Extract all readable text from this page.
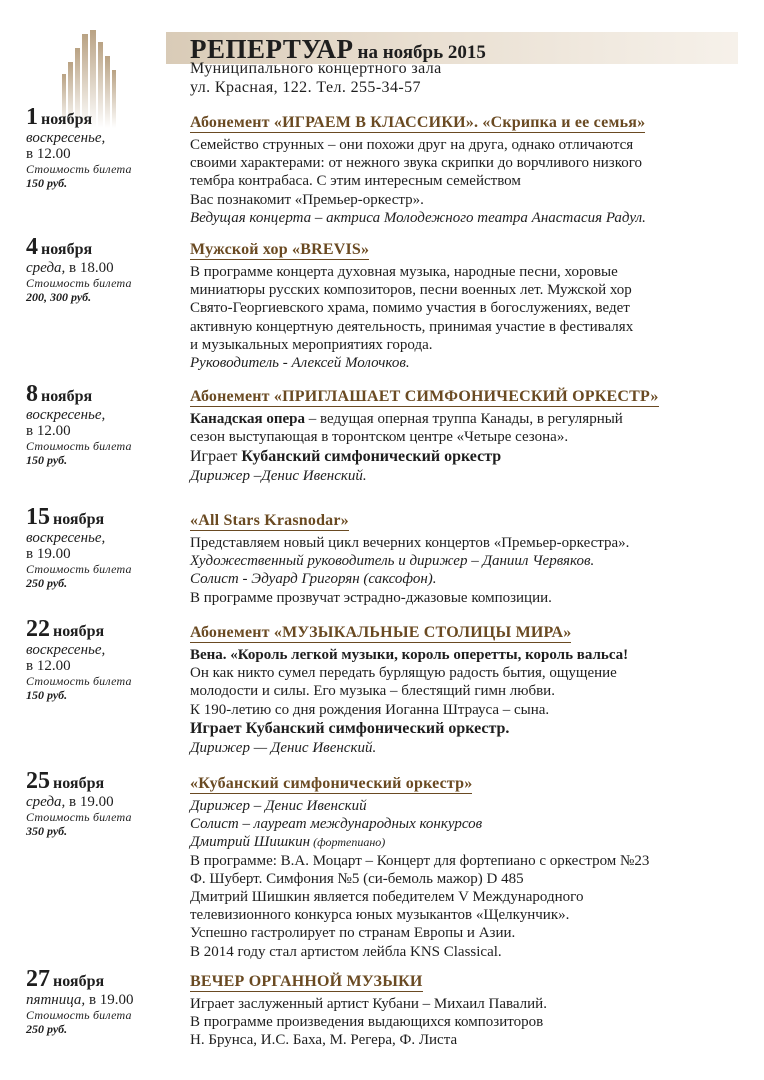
РЕПЕРТУАР на ноябрь 2015
Муниципального концертного зала
ул. Красная, 122. Тел. 255-34-57
1 ноября
воскресенье,
в 12.00
Стоимость билета
150 руб.
Абонемент «ИГРАЕМ В КЛАССИКИ». «Скрипка и ее семья»
Семейство струнных – они похожи друг на друга, однако отличаются
своими характерами: от нежного звука скрипки до ворчливого низкого
тембра контрабаса. С этим интересным семейством
Вас познакомит «Премьер-оркестр».
Ведущая концерта – актриса Молодежного театра Анастасия Радул.
4 ноября
среда, в 18.00
Стоимость билета
200, 300 руб.
Мужской хор «BREVIS»
В программе концерта духовная музыка, народные песни, хоровые
миниатюры русских композиторов, песни военных лет. Мужской хор
Свято-Георгиевского храма, помимо участия в богослужениях, ведет
активную концертную деятельность, принимая участие в фестивалях
и музыкальных мероприятиях города.
Руководитель - Алексей Молочков.
8 ноября
воскресенье,
в 12.00
Стоимость билета
150 руб.
Абонемент «ПРИГЛАШАЕТ СИМФОНИЧЕСКИЙ ОРКЕСТР»
Канадская опера – ведущая оперная труппа Канады, в регулярный
сезон выступающая в торонтском центре «Четыре сезона».
Играет Кубанский симфонический оркестр
Дирижер –Денис Ивенский.
15 ноября
воскресенье,
в 19.00
Стоимость билета
250 руб.
«All Stars Krasnodar»
Представляем новый цикл вечерних концертов «Премьер-оркестра».
Художественный руководитель и дирижер – Даниил Червяков.
Солист - Эдуард Григорян (саксофон).
В программе прозвучат эстрадно-джазовые композиции.
22 ноября
воскресенье,
в 12.00
Стоимость билета
150 руб.
Абонемент «МУЗЫКАЛЬНЫЕ СТОЛИЦЫ МИРА»
Вена. «Король легкой музыки, король оперетты, король вальса!
Он как никто сумел передать бурлящую радость бытия, ощущение
молодости и силы. Его музыка – блестящий гимн любви.
К 190-летию со дня рождения Иоганна Штрауса – сына.
Играет Кубанский симфонический оркестр.
Дирижер — Денис Ивенский.
25 ноября
среда, в 19.00
Стоимость билета
350 руб.
«Кубанский симфонический оркестр»
Дирижер – Денис Ивенский
Солист – лауреат международных конкурсов
Дмитрий Шишкин (фортепиано)
В программе: В.А. Моцарт – Концерт для фортепиано с оркестром №23
Ф. Шуберт. Симфония №5 (си-бемоль мажор) D 485
Дмитрий Шишкин является победителем V Международного
телевизионного конкурса юных музыкантов «Щелкунчик».
Успешно гастролирует по странам Европы и Азии.
В 2014 году стал артистом лейбла KNS Classical.
27 ноября
пятница, в 19.00
Стоимость билета
250 руб.
ВЕЧЕР ОРГАННОЙ МУЗЫКИ
Играет заслуженный артист Кубани – Михаил Павалий.
В программе произведения выдающихся композиторов
Н. Брунса, И.С. Баха, М. Регера, Ф. Листа
